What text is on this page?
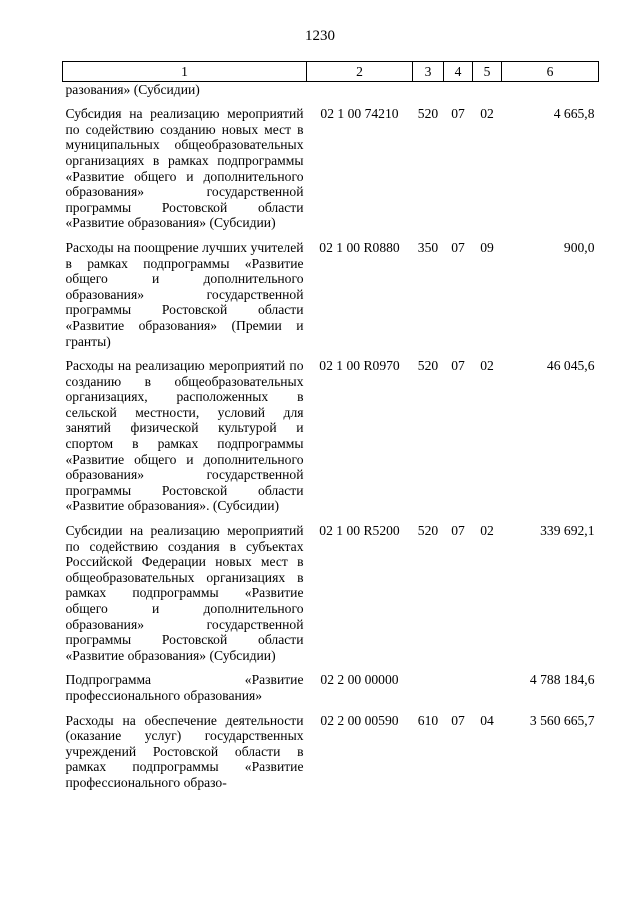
1230
1	2	3	4	5	6
разования» (Субсидии)					
Субсидия на реализацию мероприятий по содействию созданию новых мест в муниципальных общеобразовательных организациях в рамках подпрограммы «Развитие общего и дополнительного образования» государственной программы Ростовской области «Развитие образования» (Субсидии)	02 1 00 74210	520	07	02	4 665,8
Расходы на поощрение лучших учителей в рамках подпрограммы «Развитие общего и дополнительного образования» государственной программы Ростовской области «Развитие образования» (Премии и гранты)	02 1 00 R0880	350	07	09	900,0
Расходы на реализацию мероприятий по созданию в общеобразовательных организациях, расположенных в сельской местности, условий для занятий физической культурой и спортом в рамках подпрограммы «Развитие общего и дополнительного образования» государственной программы Ростовской области «Развитие образования». (Субсидии)	02 1 00 R0970	520	07	02	46 045,6
Субсидии на реализацию мероприятий по содействию создания в субъектах Российской Федерации новых мест в общеобразовательных организациях в рамках подпрограммы «Развитие общего и дополнительного образования» государственной программы Ростовской области «Развитие образования» (Субсидии)	02 1 00 R5200	520	07	02	339 692,1
Подпрограмма «Развитие профессионального образования»	02 2 00 00000				4 788 184,6
Расходы на обеспечение деятельности (оказание услуг) государственных учреждений Ростовской области в рамках подпрограммы «Развитие профессионального образо-	02 2 00 00590	610	07	04	3 560 665,7
